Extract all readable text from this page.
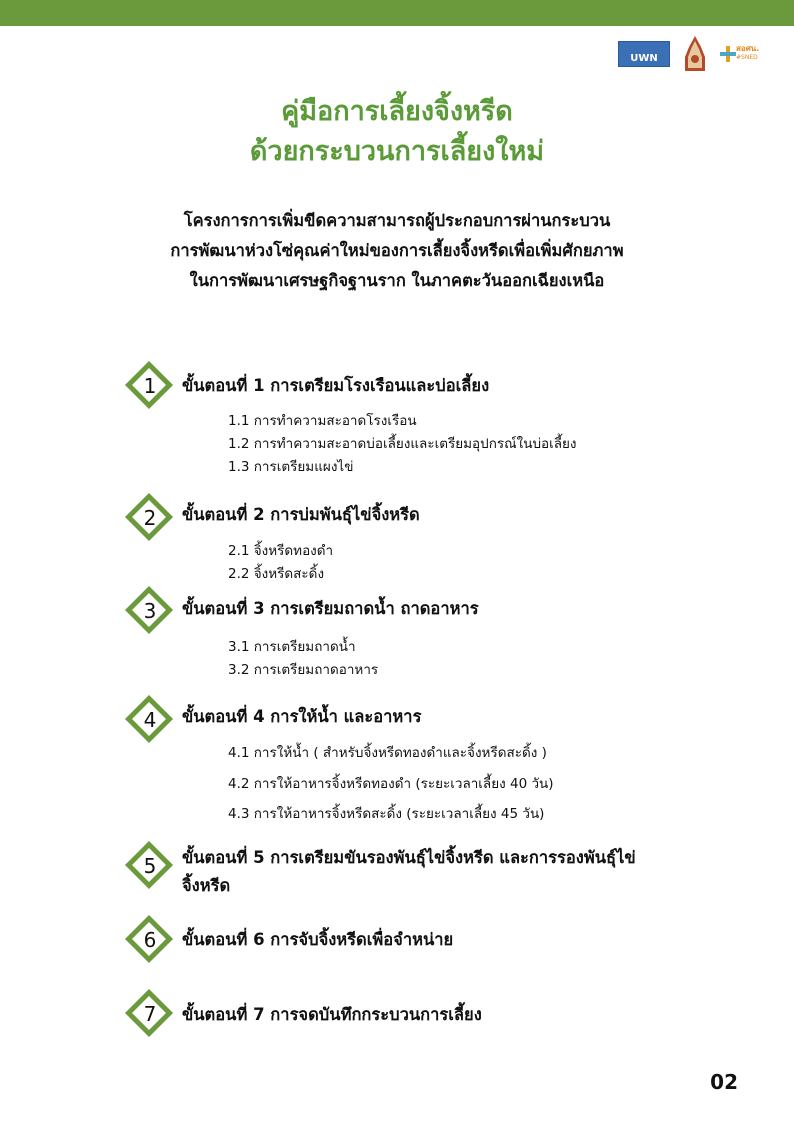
UWN
สอศน.
#SNED
คู่มือการเลี้ยงจิ้งหรีด
ด้วยกระบวนการเลี้ยงใหม่
โครงการการเพิ่มขีดความสามารถผู้ประกอบการผ่านกระบวน
การพัฒนาห่วงโซ่คุณค่าใหม่ของการเลี้ยงจิ้งหรีดเพื่อเพิ่มศักยภาพ
ในการพัฒนาเศรษฐกิจฐานราก ในภาคตะวันออกเฉียงเหนือ
1	ขั้นตอนที่ 1 การเตรียมโรงเรือนและบ่อเลี้ยง
1.1 การทำความสะอาดโรงเรือน
1.2 การทำความสะอาดบ่อเลี้ยงและเตรียมอุปกรณ์ในบ่อเลี้ยง
1.3 การเตรียมแผงไข่
2	ขั้นตอนที่ 2 การบ่มพันธุ์ไข่จิ้งหรีด
2.1 จิ้งหรีดทองดำ
2.2 จิ้งหรีดสะดิ้ง
3	ขั้นตอนที่ 3 การเตรียมถาดน้ำ ถาดอาหาร
3.1 การเตรียมถาดน้ำ
3.2 การเตรียมถาดอาหาร
4	ขั้นตอนที่ 4 การให้น้ำ และอาหาร
4.1 การให้น้ำ ( สำหรับจิ้งหรีดทองดำและจิ้งหรีดสะดิ้ง )
4.2 การให้อาหารจิ้งหรีดทองดำ (ระยะเวลาเลี้ยง 40 วัน)
4.3 การให้อาหารจิ้งหรีดสะดิ้ง (ระยะเวลาเลี้ยง 45 วัน)
5	ขั้นตอนที่ 5 การเตรียมขันรองพันธุ์ไข่จิ้งหรีด และการรองพันธุ์ไข่
จิ้งหรีด
6	ขั้นตอนที่ 6 การจับจิ้งหรีดเพื่อจำหน่าย
7	ขั้นตอนที่ 7 การจดบันทึกกระบวนการเลี้ยง
02
